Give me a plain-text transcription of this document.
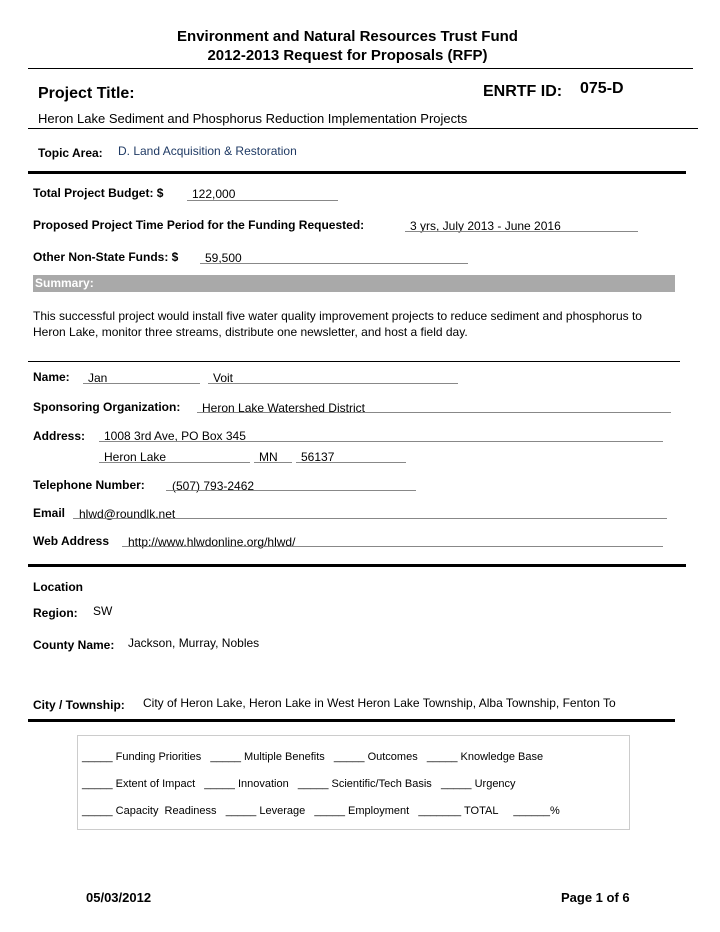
Environment and Natural Resources Trust Fund
2012-2013 Request for Proposals (RFP)
Project Title:	ENRTF ID: 075-D
Heron Lake Sediment and Phosphorus Reduction Implementation Projects
Topic Area: D. Land Acquisition & Restoration
Total Project Budget: $ 122,000
Proposed Project Time Period for the Funding Requested:	3 yrs, July 2013 - June 2016
Other Non-State Funds: $ 59,500
Summary:
This successful project would install five water quality improvement projects to reduce sediment and phosphorus to Heron Lake, monitor three streams, distribute one newsletter, and host a field day.
Name: Jan	Voit
Sponsoring Organization: Heron Lake Watershed District
Address: 1008 3rd Ave, PO Box 345
Heron Lake	MN 56137
Telephone Number: (507) 793-2462
Email hlwd@roundlk.net
Web Address http://www.hlwdonline.org/hlwd/
Location
Region: SW
County Name: Jackson, Murray, Nobles
City / Township: City of Heron Lake, Heron Lake in West Heron Lake Township, Alba Township, Fenton To
_____ Funding Priorities   _____ Multiple Benefits   _____ Outcomes   _____ Knowledge Base
_____ Extent of Impact   _____ Innovation   _____ Scientific/Tech Basis   _____ Urgency
_____ Capacity  Readiness   _____ Leverage   _____ Employment   _______ TOTAL     ______%
05/03/2012	Page 1 of 6
